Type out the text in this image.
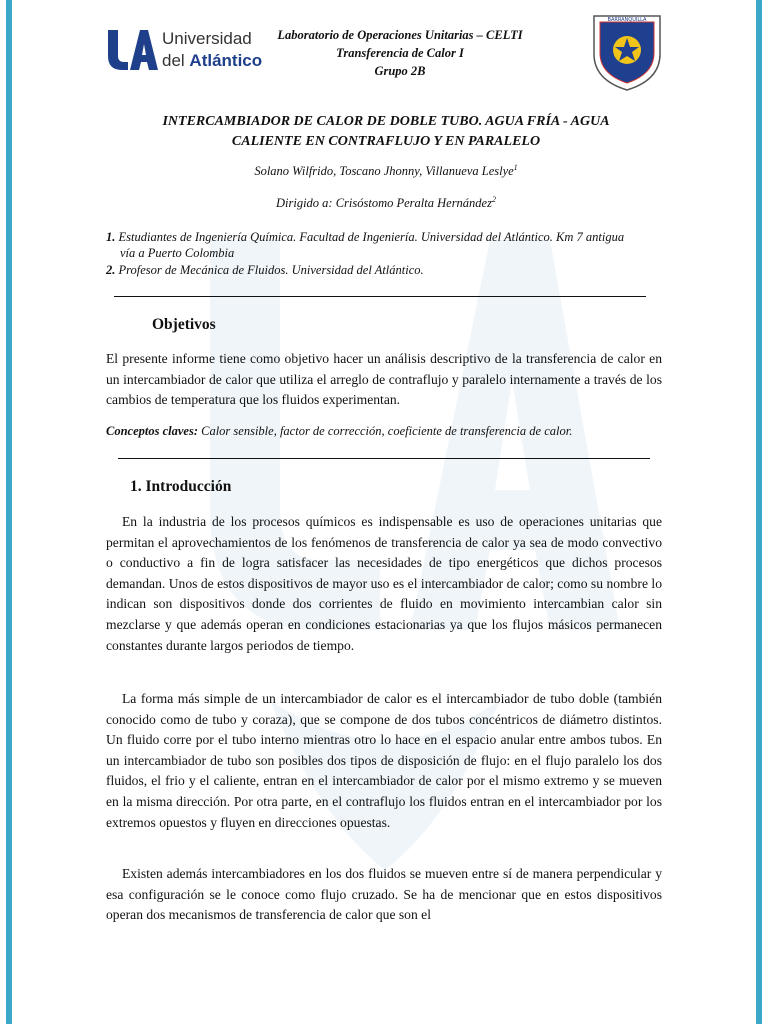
Universidad
del Atlántico
Laboratorio de Operaciones Unitarias – CELTI
Transferencia de Calor I
Grupo 2B
BARRANQUILLA
INTERCAMBIADOR DE CALOR DE DOBLE TUBO. AGUA FRÍA - AGUA
CALIENTE EN CONTRAFLUJO Y EN PARALELO
Solano Wilfrido, Toscano Jhonny, Villanueva Leslye$^1$
Dirigido a: Crisóstomo Peralta Hernández$^2$
1. Estudiantes de Ingeniería Química. Facultad de Ingeniería. Universidad del Atlántico. Km 7 antigua
vía a Puerto Colombia
2. Profesor de Mecánica de Fluidos. Universidad del Atlántico.
Objetivos
El presente informe tiene como objetivo hacer un análisis descriptivo de la transferencia de calor en un intercambiador de calor que utiliza el arreglo de contraflujo y paralelo internamente a través de los cambios de temperatura que los fluidos experimentan.
Conceptos claves: Calor sensible, factor de corrección, coeficiente de transferencia de calor.
1. Introducción
En la industria de los procesos químicos es indispensable es uso de operaciones unitarias que permitan el aprovechamientos de los fenómenos de transferencia de calor ya sea de modo convectivo o conductivo a fin de logra satisfacer las necesidades de tipo energéticos que dichos procesos demandan. Unos de estos dispositivos de mayor uso es el intercambiador de calor; como su nombre lo indican son dispositivos donde dos corrientes de fluido en movimiento intercambian calor sin mezclarse y que además operan en condiciones estacionarias ya que los flujos másicos permanecen constantes durante largos periodos de tiempo.
La forma más simple de un intercambiador de calor es el intercambiador de tubo doble (también conocido como de tubo y coraza), que se compone de dos tubos concéntricos de diámetro distintos. Un fluido corre por el tubo interno mientras otro lo hace en el espacio anular entre ambos tubos. En un intercambiador de tubo son posibles dos tipos de disposición de flujo: en el flujo paralelo los dos fluidos, el frio y el caliente, entran en el intercambiador de calor por el mismo extremo y se mueven en la misma dirección. Por otra parte, en el contraflujo los fluidos entran en el intercambiador por los extremos opuestos y fluyen en direcciones opuestas.
Existen además intercambiadores en los dos fluidos se mueven entre sí de manera perpendicular y esa configuración se le conoce como flujo cruzado. Se ha de mencionar que en estos dispositivos operan dos mecanismos de transferencia de calor que son el
